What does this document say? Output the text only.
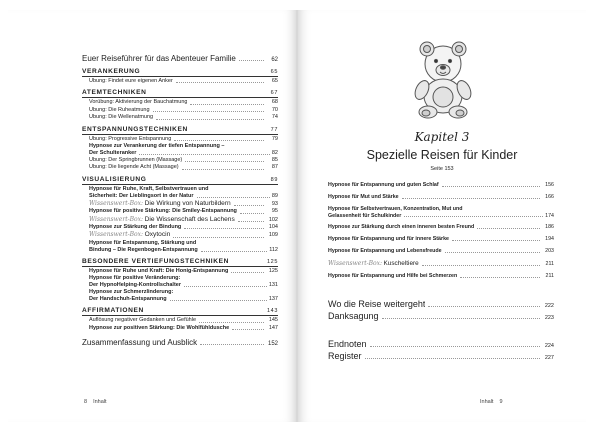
Euer Reiseführer für das Abenteuer Familie	62
VERANKERUNG	65
Übung: Findet eure eigenen Anker	65
ATEMTECHNIKEN	67
Vorübung: Aktivierung der Bauchatmung	68
Übung: Die Ruheatmung	70
Übung: Die Wellenatmung	74
ENTSPANNUNGSTECHNIKEN	77
Übung: Progressive Entspannung	79
Hypnose zur Verankerung der tiefen Entspannung –
Der Schulteranker	82
Übung: Der Springbrunnen (Massage)	85
Übung: Die liegende Acht (Massage)	87
VISUALISIERUNG	89
Hypnose für Ruhe, Kraft, Selbstvertrauen und
Sicherheit: Der Lieblingsort in der Natur	89
Wissenswert-Box: Die Wirkung von Naturbildern	93
Hypnose für positive Stärkung: Die Smiley-Entspannung	95
Wissenswert-Box: Die Wissenschaft des Lachens	102
Hypnose zur Stärkung der Bindung	104
Wissenswert-Box: Oxytocin	109
Hypnose für Entspannung, Stärkung und
Bindung – Die Regenbogen-Entspannung	112
BESONDERE VERTIEFUNGSTECHNIKEN	125
Hypnose für Ruhe und Kraft: Die Honig-Entspannung	125
Hypnose für positive Veränderung:
Der HypnoHelping-Kontrollschalter	131
Hypnose zur Schmerzlinderung:
Der Handschuh-Entspannung	137
AFFIRMATIONEN	143
Auflösung negativer Gedanken und Gefühle	145
Hypnose zur positiven Stärkung: Die Wohlfühldusche	147
Zusammenfassung und Ausblick	152
8 Inhalt
Kapitel 3
Spezielle Reisen für Kinder
Seite 153
Hypnose für Entspannung und guten Schlaf	156
Hypnose für Mut und Stärke	166
Hypnose für Selbstvertrauen, Konzentration, Mut und
Gelassenheit für Schulkinder	174
Hypnose zur Stärkung durch einen inneren besten Freund	186
Hypnose für Entspannung und für innere Stärke	194
Hypnose für Entspannung und Lebensfreude	203
Wissenswert-Box: Kuscheltiere	211
Hypnose für Entspannung und Hilfe bei Schmerzen	211
Wo die Reise weitergeht	222
Danksagung	223
Endnoten	224
Register	227
Inhalt 9
